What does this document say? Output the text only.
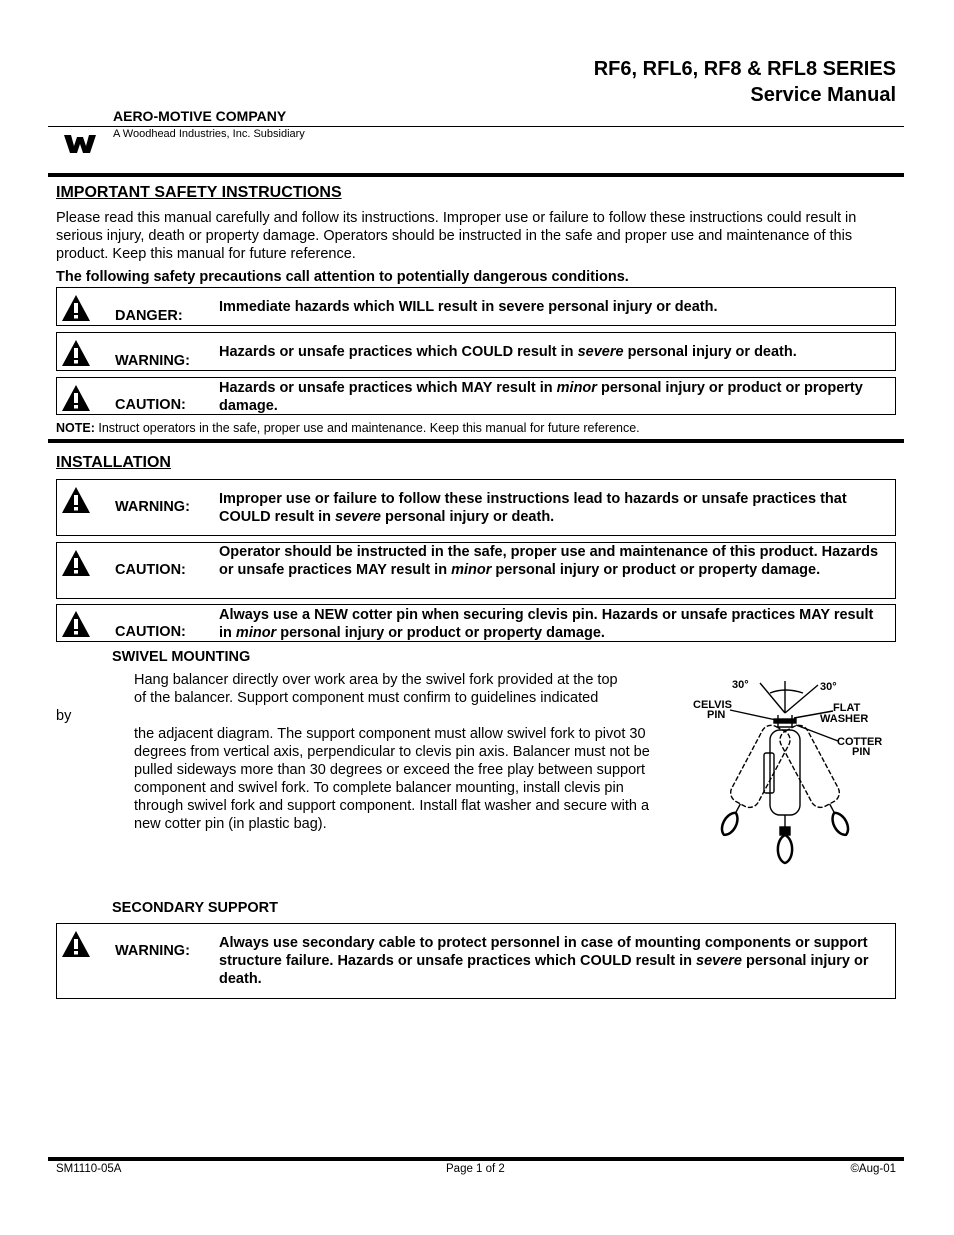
RF6, RFL6, RF8 & RFL8 SERIES
Service Manual
AERO-MOTIVE COMPANY
A Woodhead Industries, Inc. Subsidiary
IMPORTANT SAFETY INSTRUCTIONS
Please read this manual carefully and follow its instructions. Improper use or failure to follow these instructions could result in serious injury, death or property damage. Operators should be instructed in the safe and proper use and maintenance of this product. Keep this manual for future reference.
The following safety precautions call attention to potentially dangerous conditions.
DANGER:
Immediate hazards which WILL result in severe personal injury or death.
WARNING:
Hazards or unsafe practices which COULD result in severe personal injury or death.
CAUTION:
Hazards or unsafe practices which MAY result in minor personal injury or product or property damage.
NOTE: Instruct operators in the safe, proper use and maintenance. Keep this manual for future reference.
INSTALLATION
WARNING: Improper use or failure to follow these instructions lead to hazards or unsafe practices that COULD result in severe personal injury or death.
CAUTION:
Operator should be instructed in the safe, proper use and maintenance of this product. Hazards or unsafe practices MAY result in minor personal injury or product or property damage.
CAUTION:
Always use a NEW cotter pin when securing clevis pin. Hazards or unsafe practices MAY result in minor personal injury or product or property damage.
SWIVEL MOUNTING
Hang balancer directly over work area by the swivel fork provided at the top
of the balancer. Support component must confirm to guidelines indicated
by
the adjacent diagram. The support component must allow swivel fork to pivot 30 degrees from vertical axis, perpendicular to clevis pin axis. Balancer must not be pulled sideways more than 30 degrees or exceed the free play between support component and swivel fork. To complete balancer mounting, install clevis pin through swivel fork and support component. Install flat washer and secure with a new cotter pin (in plastic bag).
30°	30°
CELVIS
PIN
FLAT
WASHER
COTTER
PIN
SECONDARY SUPPORT
WARNING: Always use secondary cable to protect personnel in case of mounting components or support structure failure. Hazards or unsafe practices which COULD result in severe personal injury or death.
SM1110-05A	Page 1 of 2	©Aug-01
